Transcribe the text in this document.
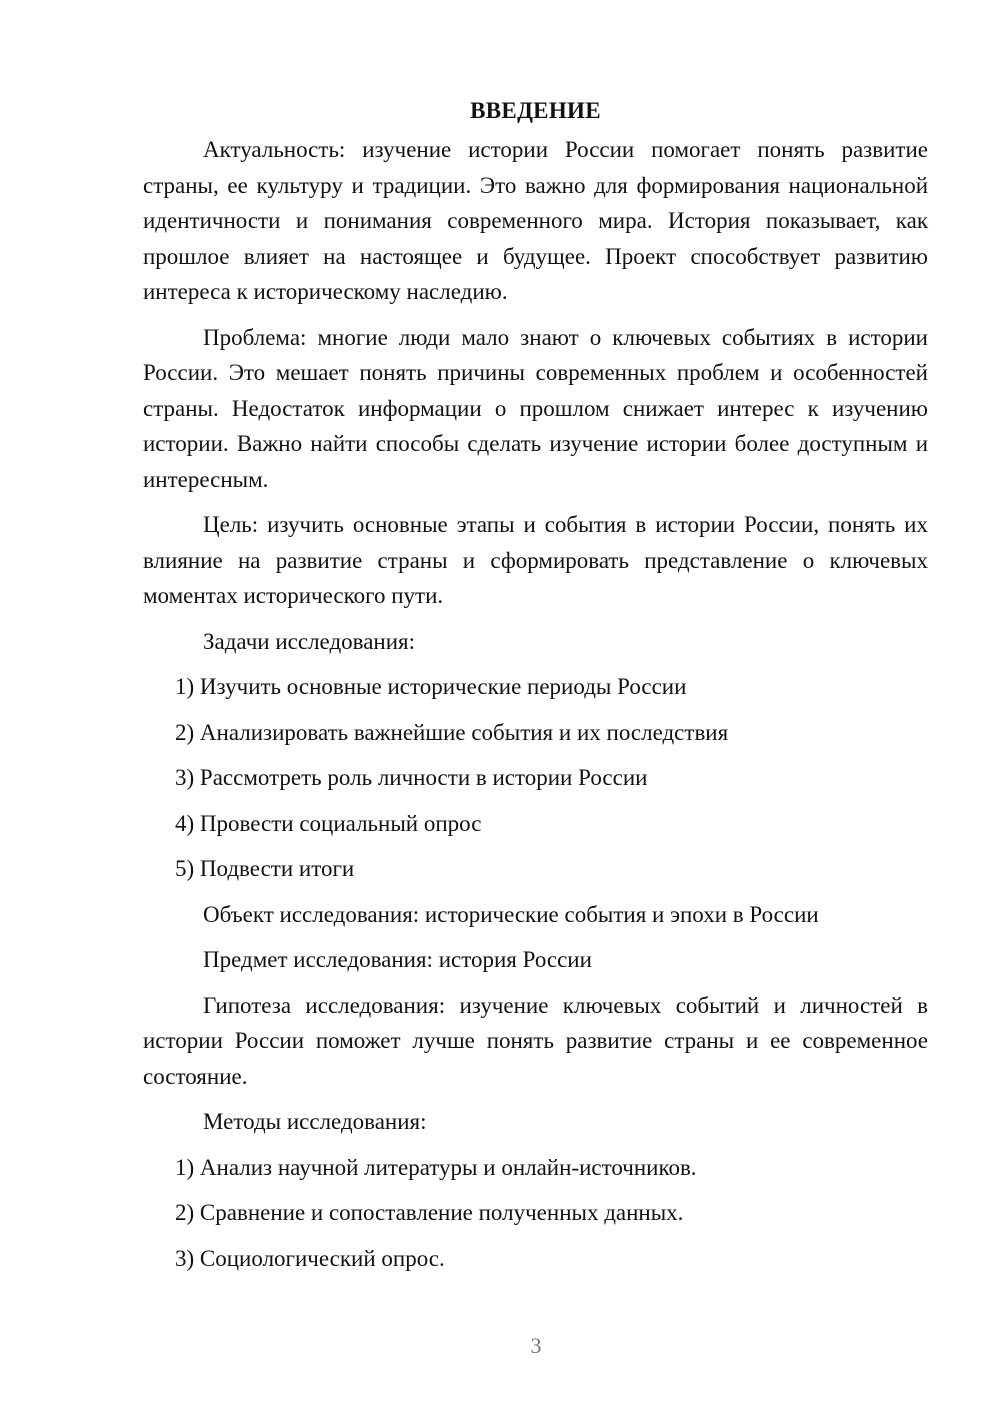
ВВЕДЕНИЕ
Актуальность: изучение истории России помогает понять развитие страны, ее культуру и традиции. Это важно для формирования национальной идентичности и понимания современного мира. История показывает, как прошлое влияет на настоящее и будущее. Проект способствует развитию интереса к историческому наследию.
Проблема: многие люди мало знают о ключевых событиях в истории России. Это мешает понять причины современных проблем и особенностей страны. Недостаток информации о прошлом снижает интерес к изучению истории. Важно найти способы сделать изучение истории более доступным и интересным.
Цель: изучить основные этапы и события в истории России, понять их влияние на развитие страны и сформировать представление о ключевых моментах исторического пути.
Задачи исследования:
1) Изучить основные исторические периоды России
2) Анализировать важнейшие события и их последствия
3) Рассмотреть роль личности в истории России
4) Провести социальный опрос
5) Подвести итоги
Объект исследования: исторические события и эпохи в России
Предмет исследования: история России
Гипотеза исследования: изучение ключевых событий и личностей в истории России поможет лучше понять развитие страны и ее современное состояние.
Методы исследования:
1) Анализ научной литературы и онлайн-источников.
2) Сравнение и сопоставление полученных данных.
3) Социологический опрос.
3
